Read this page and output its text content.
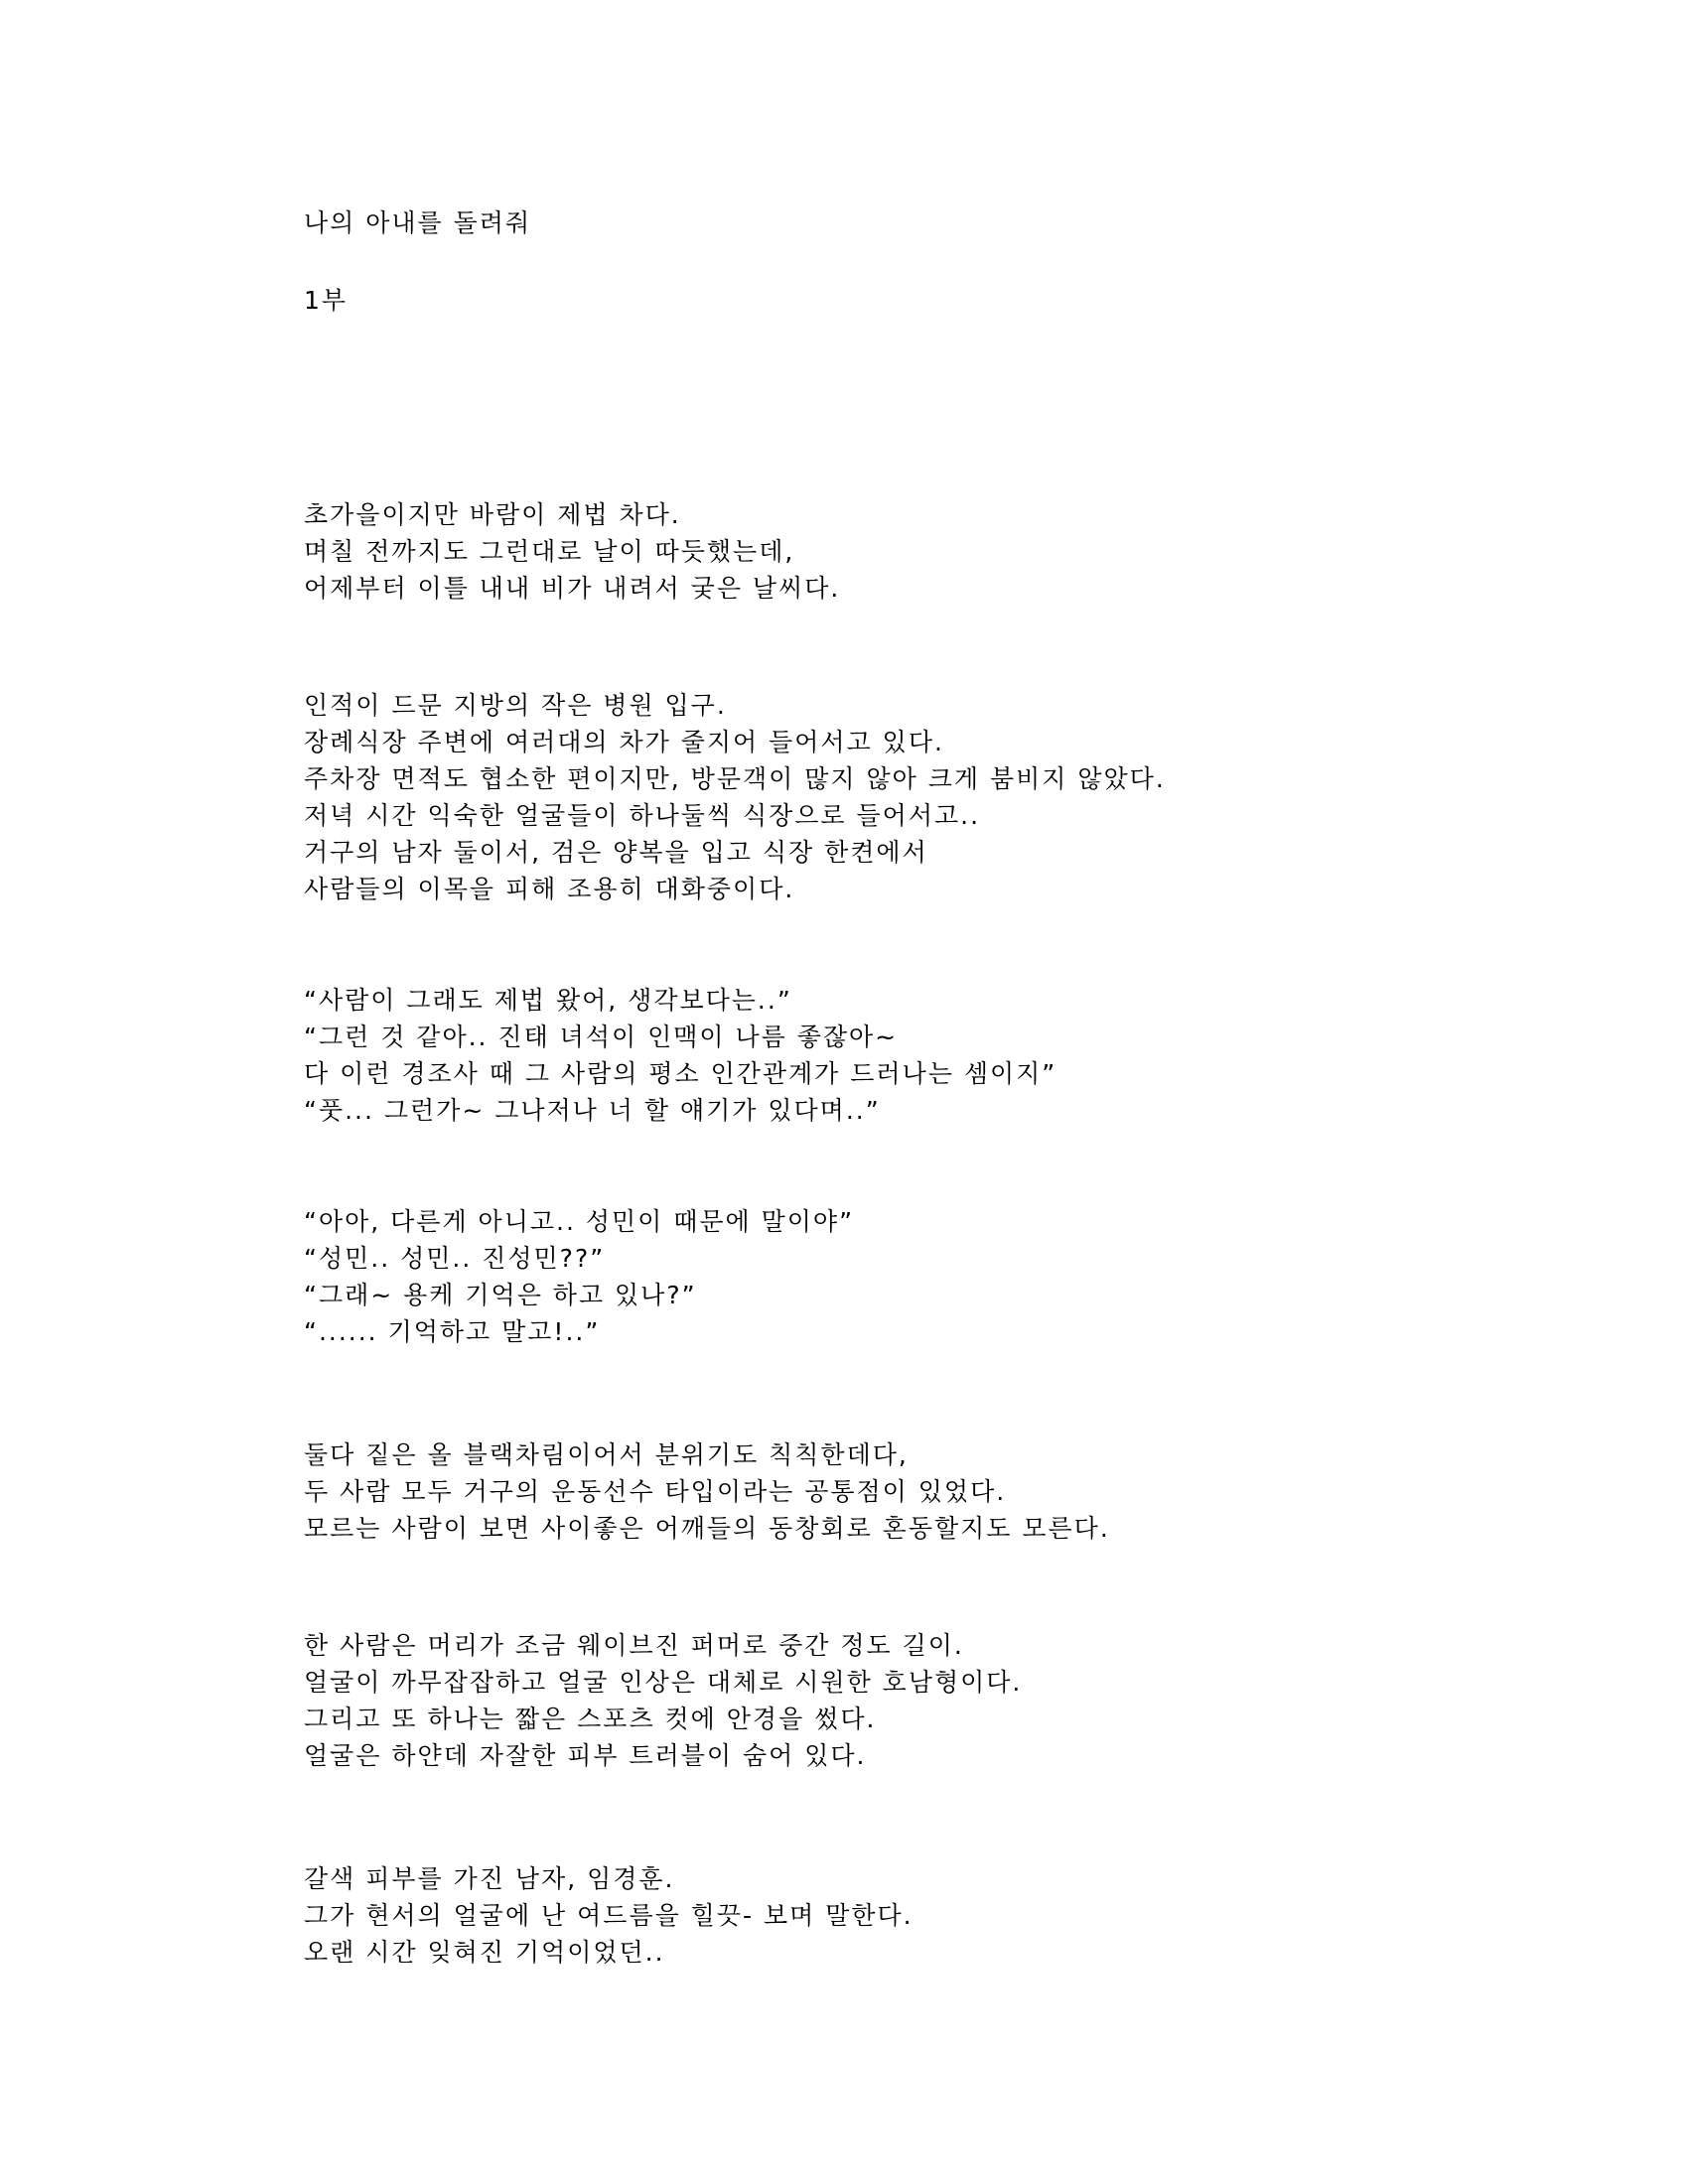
나의 아내를 돌려줘
1부
초가을이지만 바람이 제법 차다.
며칠 전까지도 그런대로 날이 따듯했는데,
어제부터 이틀 내내 비가 내려서 궂은 날씨다.
인적이 드문 지방의 작은 병원 입구.
장례식장 주변에 여러대의 차가 줄지어 들어서고 있다.
주차장 면적도 협소한 편이지만, 방문객이 많지 않아 크게 붐비지 않았다.
저녁 시간 익숙한 얼굴들이 하나둘씩 식장으로 들어서고..
거구의 남자 둘이서, 검은 양복을 입고 식장 한켠에서
사람들의 이목을 피해 조용히 대화중이다.
“사람이 그래도 제법 왔어, 생각보다는..”
“그런 것 같아.. 진태 녀석이 인맥이 나름 좋잖아~
다 이런 경조사 때 그 사람의 평소 인간관계가 드러나는 셈이지”
“풋... 그런가~ 그나저나 너 할 얘기가 있다며..”
“아아, 다른게 아니고.. 성민이 때문에 말이야”
“성민.. 성민.. 진성민??”
“그래~ 용케 기억은 하고 있나?”
“...... 기억하고 말고!..”
둘다 짙은 올 블랙차림이어서 분위기도 칙칙한데다,
두 사람 모두 거구의 운동선수 타입이라는 공통점이 있었다.
모르는 사람이 보면 사이좋은 어깨들의 동창회로 혼동할지도 모른다.
한 사람은 머리가 조금 웨이브진 퍼머로 중간 정도 길이.
얼굴이 까무잡잡하고 얼굴 인상은 대체로 시원한 호남형이다.
그리고 또 하나는 짧은 스포츠 컷에 안경을 썼다.
얼굴은 하얀데 자잘한 피부 트러블이 숨어 있다.
갈색 피부를 가진 남자, 임경훈.
그가 현서의 얼굴에 난 여드름을 힐끗- 보며 말한다.
오랜 시간 잊혀진 기억이었던..
